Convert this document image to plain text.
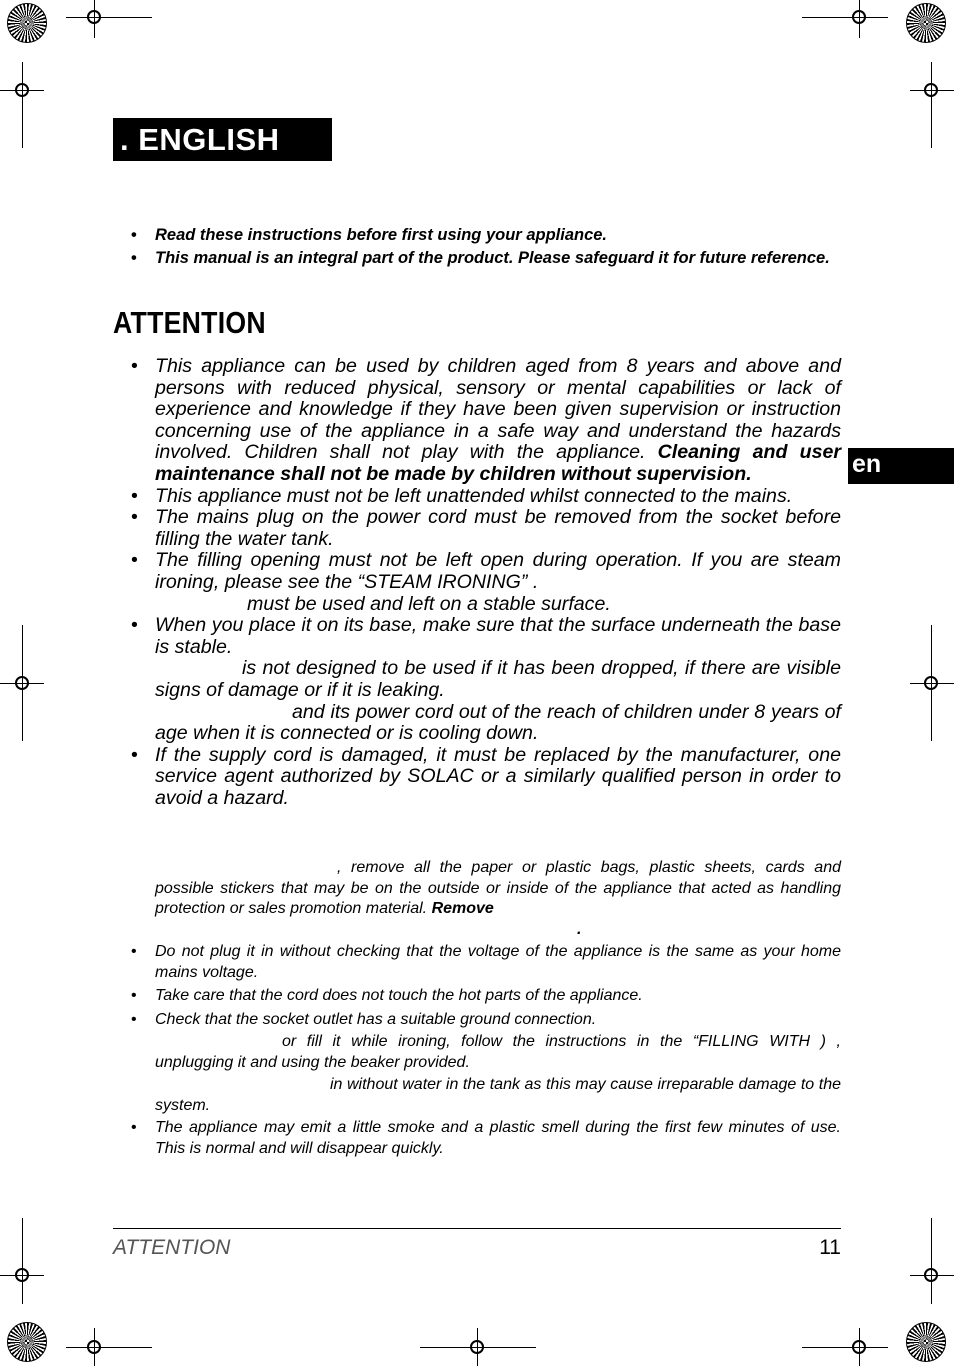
. ENGLISH
en
• Read these instructions before first using your appliance.
• This manual is an integral part of the product. Please safeguard it for future reference.
ATTENTION
• This appliance can be used by children aged from 8 years and above and persons with reduced physical, sensory or mental capabilities or lack of experience and knowledge if they have been given supervision or instruction concerning use of the appliance in a safe way and understand the hazards involved. Children shall not play with the appliance. Cleaning and user maintenance shall not be made by children without supervision.
• This appliance must not be left unattended whilst connected to the mains.
• The mains plug on the power cord must be removed from the socket before filling the water tank.
• The filling opening must not be left open during operation. If you are steam ironing, please see the “STEAM IRONING” .
must be used and left on a stable surface.
• When you place it on its base, make sure that the surface underneath the base is stable.
is not designed to be used if it has been dropped, if there are visible signs of damage or if it is leaking.
and its power cord out of the reach of children under 8 years of age when it is connected or is cooling down.
• If the supply cord is damaged, it must be replaced by the manufacturer, one service agent authorized by SOLAC or a similarly qualified person in order to avoid a hazard.
, remove all the paper or plastic bags, plastic sheets, cards and possible stickers that may be on the outside or inside of the appliance that acted as handling protection or sales promotion material. Remove
.
• Do not plug it in without checking that the voltage of the appliance is the same as your home mains voltage.
• Take care that the cord does not touch the hot parts of the appliance.
• Check that the socket outlet has a suitable ground connection.
or fill it while ironing, follow the instructions in the “FILLING WITH ) , unplugging it and using the beaker provided.
in without water in the tank as this may cause irreparable damage to the system.
• The appliance may emit a little smoke and a plastic smell during the first few minutes of use. This is normal and will disappear quickly.
ATTENTION	11
